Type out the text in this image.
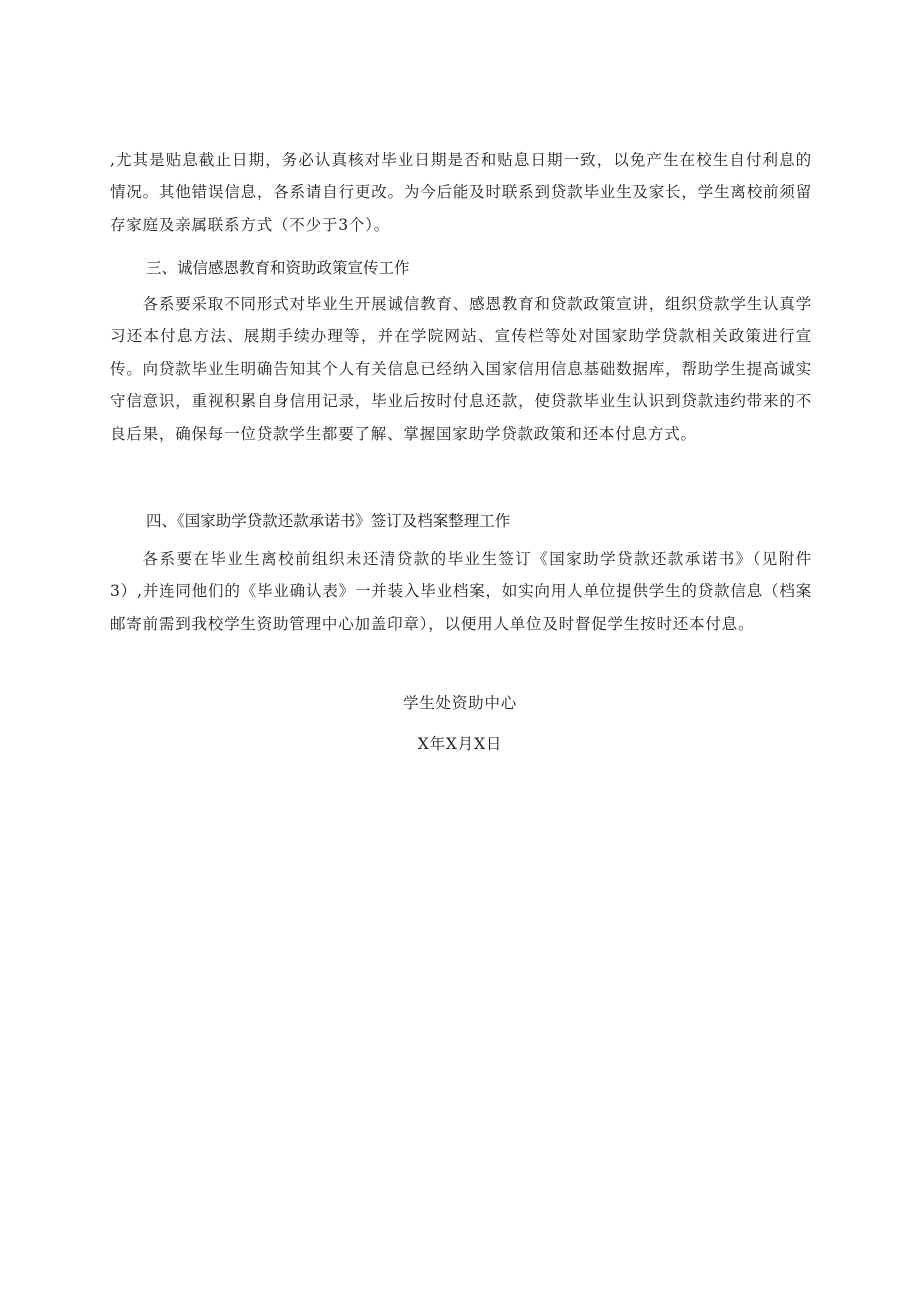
,尤其是贴息截止日期，务必认真核对毕业日期是否和贴息日期一致，以免产生在校生自付利息的情况。其他错误信息，各系请自行更改。为今后能及时联系到贷款毕业生及家长，学生离校前须留存家庭及亲属联系方式（不少于3个）。

三、诚信感恩教育和资助政策宣传工作

各系要采取不同形式对毕业生开展诚信教育、感恩教育和贷款政策宣讲，组织贷款学生认真学习还本付息方法、展期手续办理等，并在学院网站、宣传栏等处对国家助学贷款相关政策进行宣传。向贷款毕业生明确告知其个人有关信息已经纳入国家信用信息基础数据库，帮助学生提高诚实守信意识，重视积累自身信用记录，毕业后按时付息还款，使贷款毕业生认识到贷款违约带来的不良后果，确保每一位贷款学生都要了解、掌握国家助学贷款政策和还本付息方式。

四、《国家助学贷款还款承诺书》签订及档案整理工作

各系要在毕业生离校前组织未还清贷款的毕业生签订《国家助学贷款还款承诺书》（见附件3）,并连同他们的《毕业确认表》一并装入毕业档案，如实向用人单位提供学生的贷款信息（档案邮寄前需到我校学生资助管理中心加盖印章），以便用人单位及时督促学生按时还本付息。

学生处资助中心

X年X月X日
